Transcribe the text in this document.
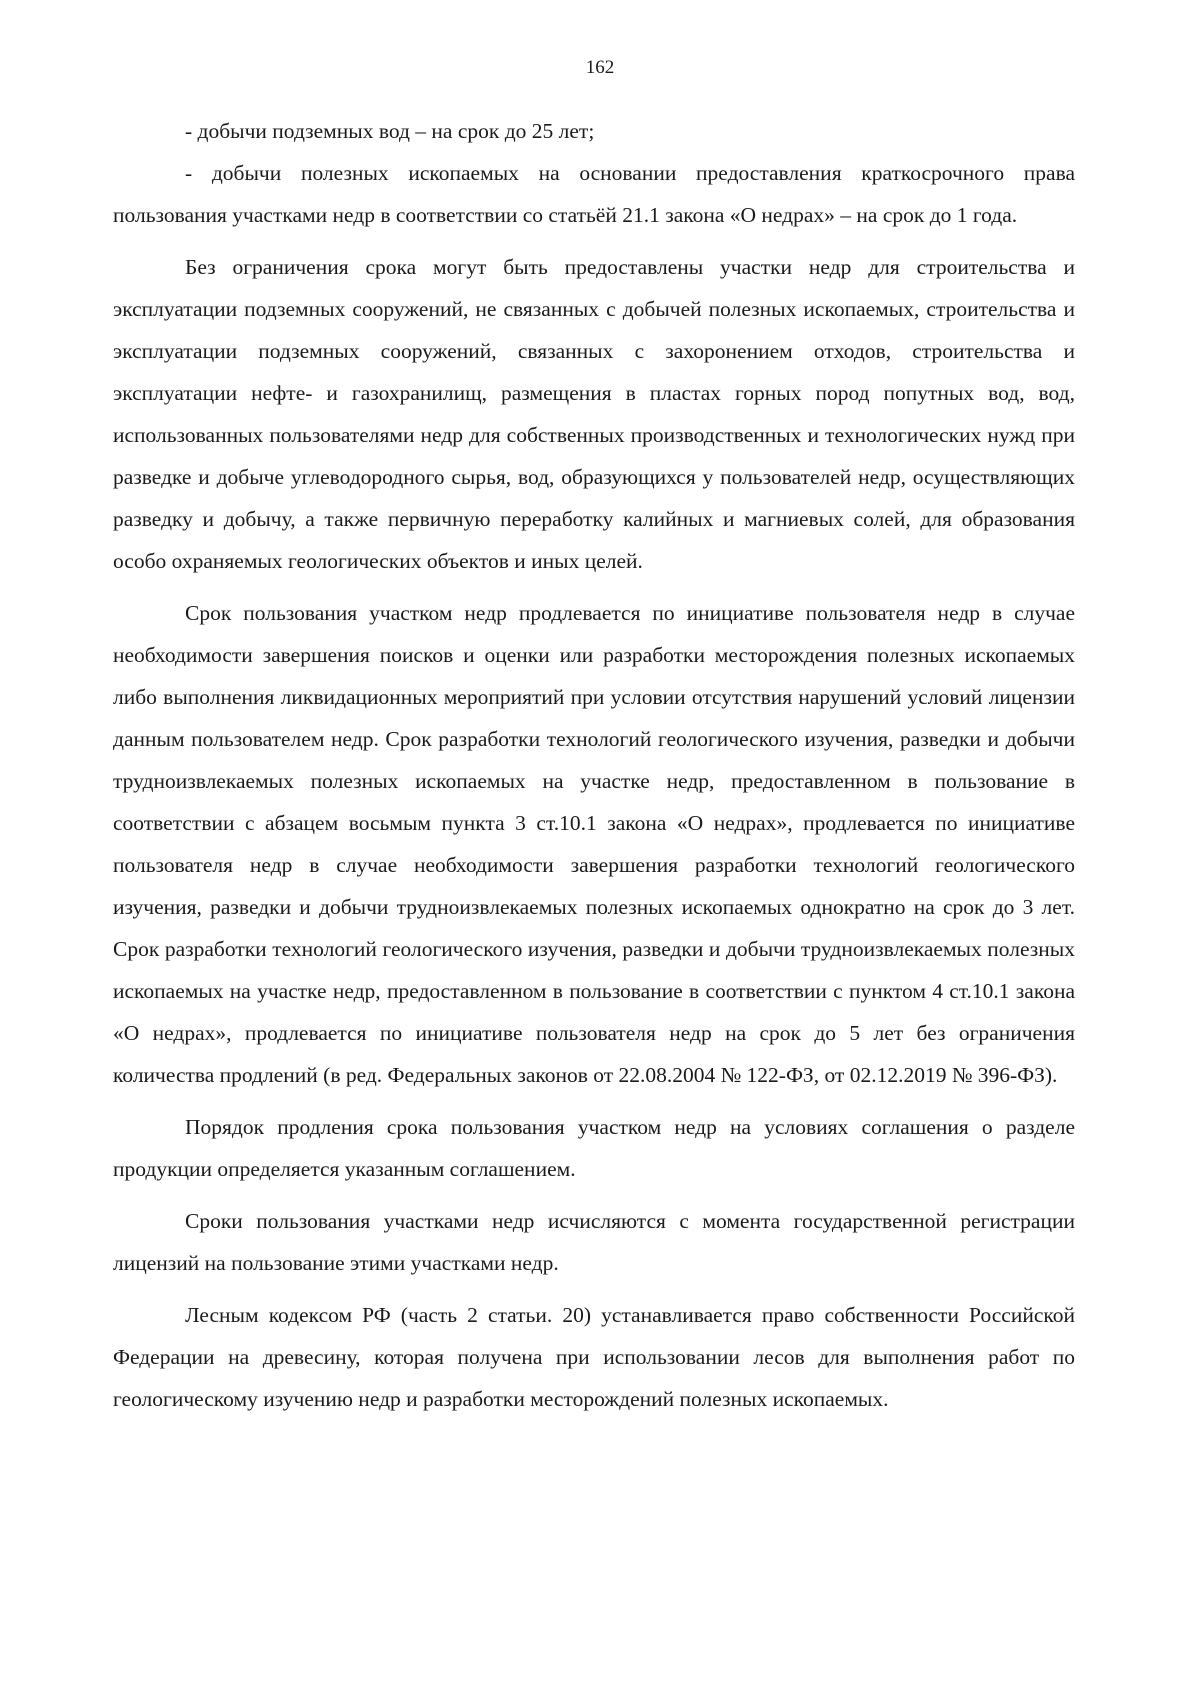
162

- добычи подземных вод – на срок до 25 лет;

- добычи полезных ископаемых на основании предоставления краткосрочного права пользования участками недр в соответствии со статьёй 21.1 закона «О недрах» – на срок до 1 года.

Без ограничения срока могут быть предоставлены участки недр для строительства и эксплуатации подземных сооружений, не связанных с добычей полезных ископаемых, строительства и эксплуатации подземных сооружений, связанных с захоронением отходов, строительства и эксплуатации нефте- и газохранилищ, размещения в пластах горных пород попутных вод, вод, использованных пользователями недр для собственных производственных и технологических нужд при разведке и добыче углеводородного сырья, вод, образующихся у пользователей недр, осуществляющих разведку и добычу, а также первичную переработку калийных и магниевых солей, для образования особо охраняемых геологических объектов и иных целей.

Срок пользования участком недр продлевается по инициативе пользователя недр в случае необходимости завершения поисков и оценки или разработки месторождения полезных ископаемых либо выполнения ликвидационных мероприятий при условии отсутствия нарушений условий лицензии данным пользователем недр. Срок разработки технологий геологического изучения, разведки и добычи трудноизвлекаемых полезных ископаемых на участке недр, предоставленном в пользование в соответствии с абзацем восьмым пункта 3 ст.10.1 закона «О недрах», продлевается по инициативе пользователя недр в случае необходимости завершения разработки технологий геологического изучения, разведки и добычи трудноизвлекаемых полезных ископаемых однократно на срок до 3 лет. Срок разработки технологий геологического изучения, разведки и добычи трудноизвлекаемых полезных ископаемых на участке недр, предоставленном в пользование в соответствии с пунктом 4 ст.10.1 закона «О недрах», продлевается по инициативе пользователя недр на срок до 5 лет без ограничения количества продлений (в ред. Федеральных законов от 22.08.2004 № 122-ФЗ, от 02.12.2019 № 396-ФЗ).

Порядок продления срока пользования участком недр на условиях соглашения о разделе продукции определяется указанным соглашением.

Сроки пользования участками недр исчисляются с момента государственной регистрации лицензий на пользование этими участками недр.

Лесным кодексом РФ (часть 2 статьи. 20) устанавливается право собственности Российской Федерации на древесину, которая получена при использовании лесов для выполнения работ по геологическому изучению недр и разработки месторождений полезных ископаемых.
